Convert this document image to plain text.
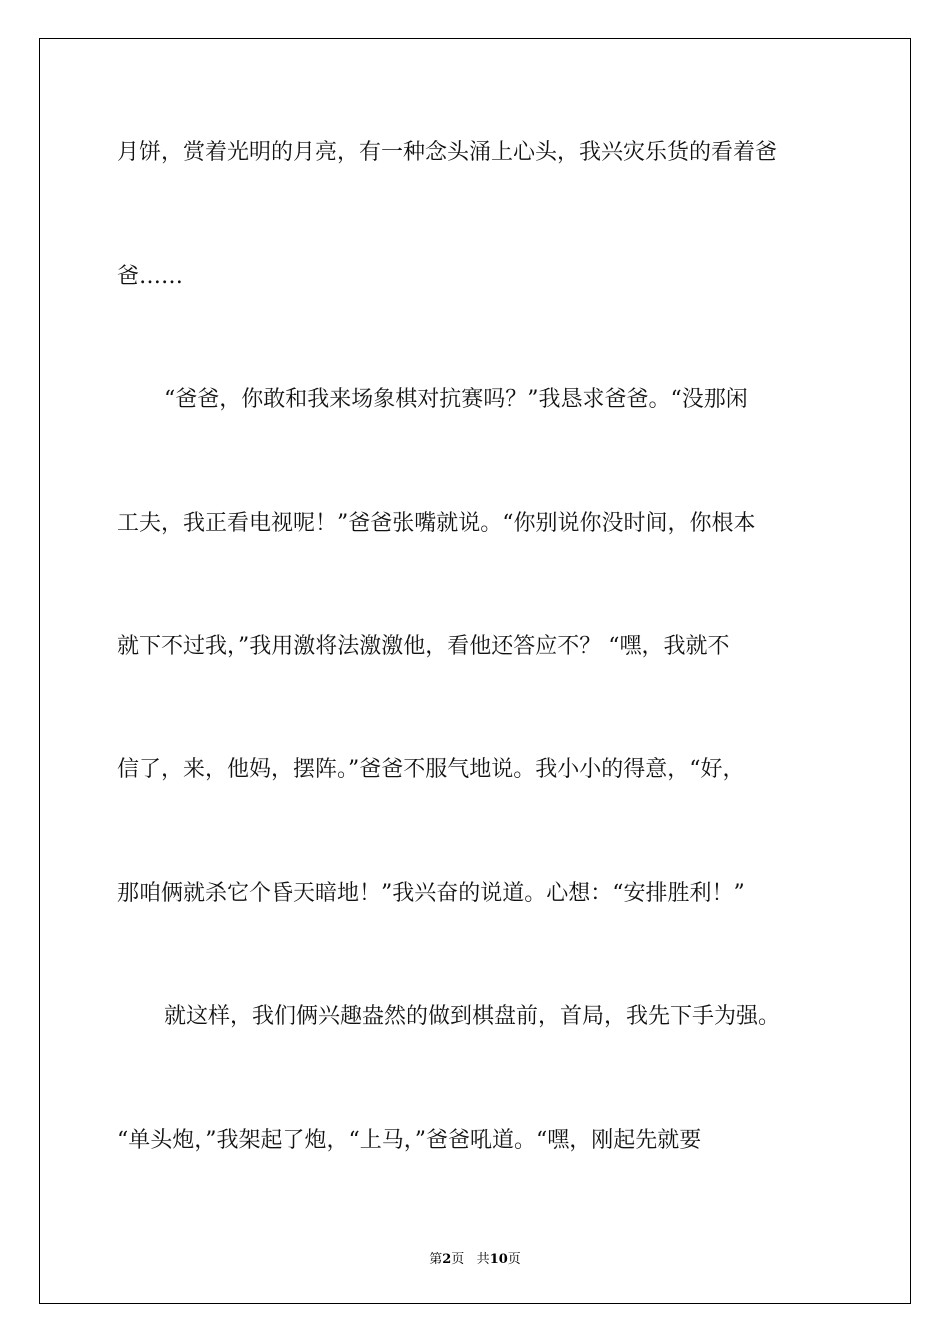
月饼，赏着光明的月亮，有一种念头涌上心头，我兴灾乐货的看着爸
爸……
“爸爸，你敢和我来场象棋对抗赛吗？”我恳求爸爸。“没那闲
工夫，我正看电视呢！”爸爸张嘴就说。“你别说你没时间，你根本
就下不过我，”我用激将法激激他，看他还答应不？ “嘿，我就不
信了，来，他妈，摆阵。”爸爸不服气地说。我小小的得意，“好，
那咱俩就杀它个昏天暗地！”我兴奋的说道。心想：“安排胜利！”
就这样，我们俩兴趣盎然的做到棋盘前，首局，我先下手为强。
“单头炮，”我架起了炮，“上马，”爸爸吼道。“嘿，刚起先就要
第2页 共10页
